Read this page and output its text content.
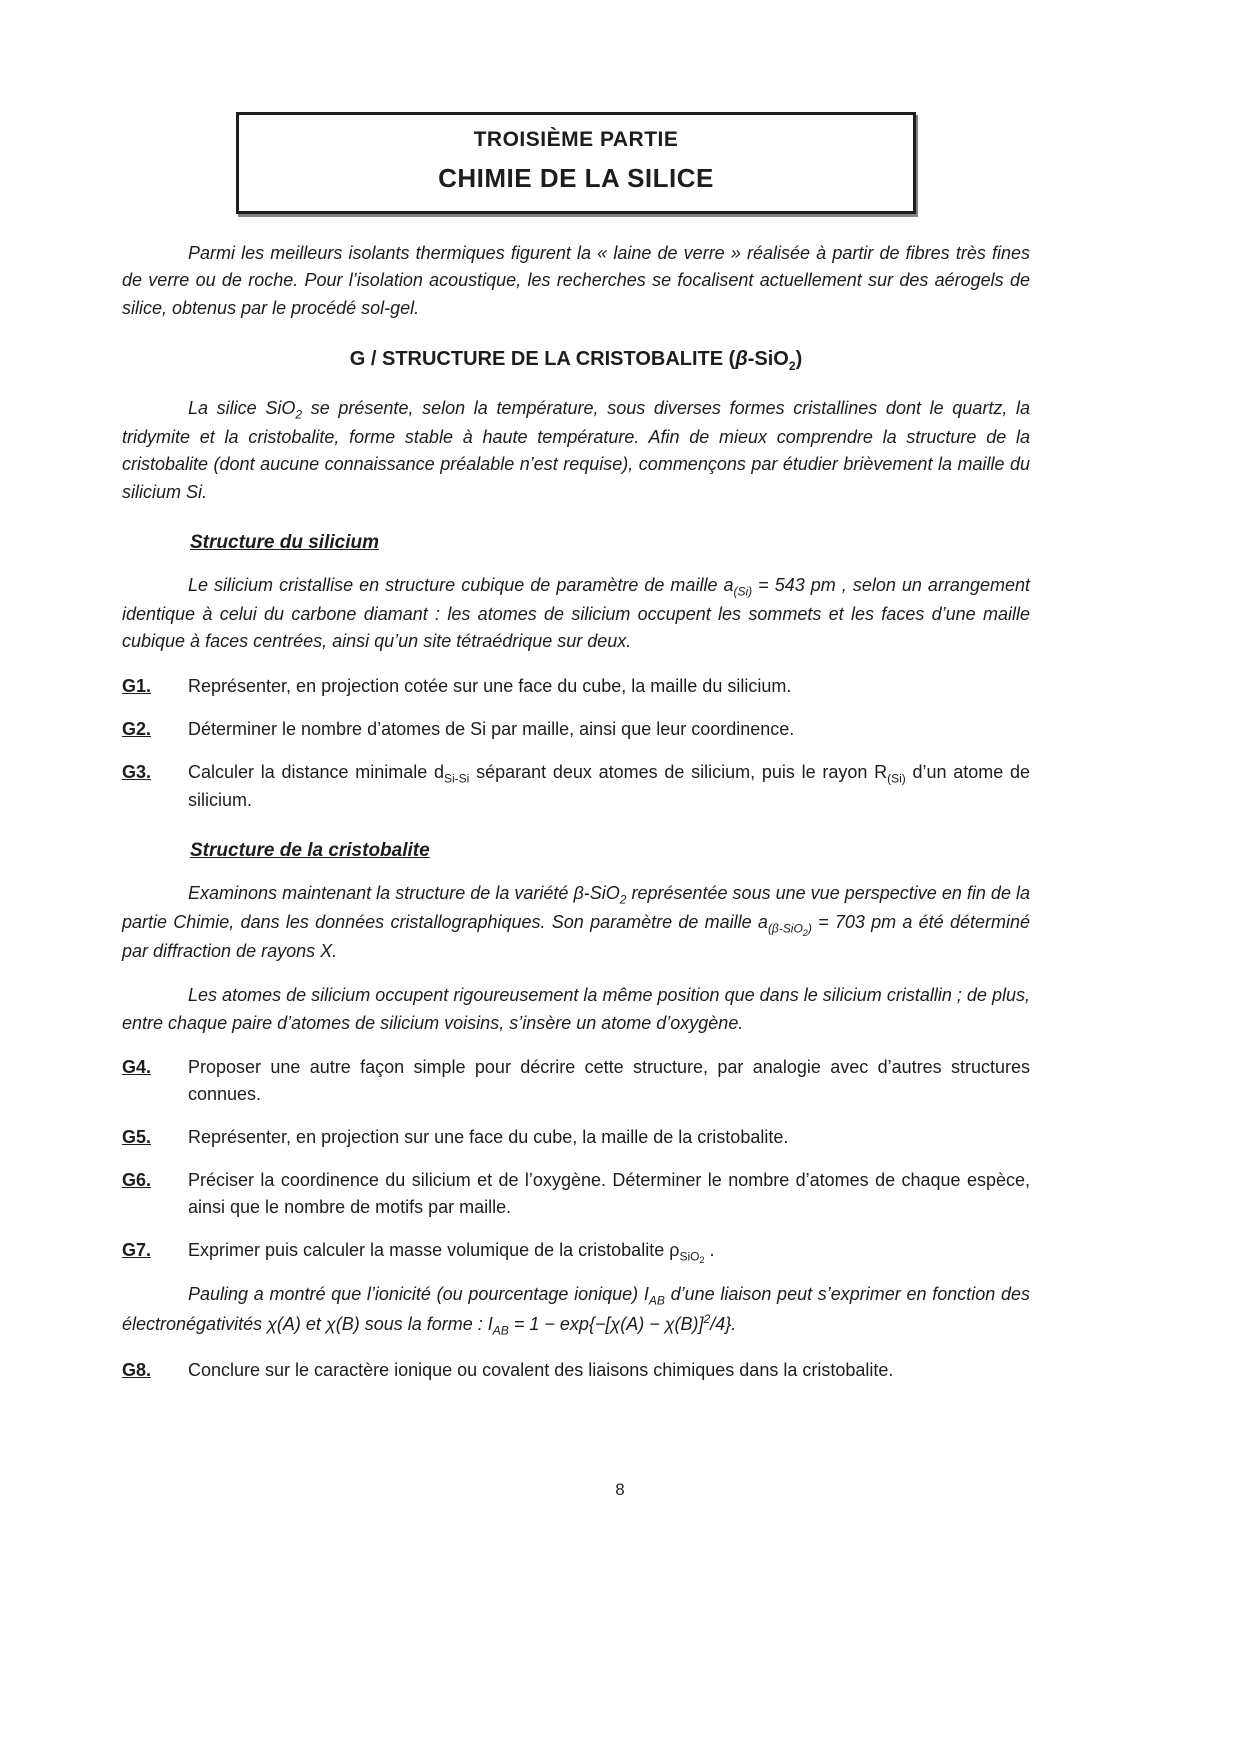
TROISIÈME PARTIE
CHIMIE DE LA SILICE

Parmi les meilleurs isolants thermiques figurent la « laine de verre » réalisée à partir de fibres très fines de verre ou de roche. Pour l’isolation acoustique, les recherches se focalisent actuellement sur des aérogels de silice, obtenus par le procédé sol-gel.

G / STRUCTURE DE LA CRISTOBALITE (β-SiO$_2$)

La silice SiO$_2$ se présente, selon la température, sous diverses formes cristallines dont le quartz, la tridymite et la cristobalite, forme stable à haute température. Afin de mieux comprendre la structure de la cristobalite (dont aucune connaissance préalable n’est requise), commençons par étudier brièvement la maille du silicium Si.

Structure du silicium

Le silicium cristallise en structure cubique de paramètre de maille $a_{(Si)} = 543$ pm , selon un arrangement identique à celui du carbone diamant : les atomes de silicium occupent les sommets et les faces d’une maille cubique à faces centrées, ainsi qu’un site tétraédrique sur deux.

G1.	Représenter, en projection cotée sur une face du cube, la maille du silicium.
G2.	Déterminer le nombre d’atomes de Si par maille, ainsi que leur coordinence.
G3.	Calculer la distance minimale $d_{Si-Si}$ séparant deux atomes de silicium, puis le rayon $R_{(Si)}$ d’un atome de silicium.
Structure de la cristobalite

Examinons maintenant la structure de la variété β-SiO$_2$ représentée sous une vue perspective en fin de la partie Chimie, dans les données cristallographiques. Son paramètre de maille $a_{(\beta-SiO2)} = 703$ pm a été déterminé par diffraction de rayons X.

Les atomes de silicium occupent rigoureusement la même position que dans le silicium cristallin ; de plus, entre chaque paire d’atomes de silicium voisins, s’insère un atome d’oxygène.

G4.	Proposer une autre façon simple pour décrire cette structure, par analogie avec d’autres structures connues.
G5.	Représenter, en projection sur une face du cube, la maille de la cristobalite.
G6.	Préciser la coordinence du silicium et de l’oxygène. Déterminer le nombre d’atomes de chaque espèce, ainsi que le nombre de motifs par maille.
G7.	Exprimer puis calculer la masse volumique de la cristobalite $\rho_{SiO2}$ .

Pauling a montré que l’ionicité (ou pourcentage ionique) $I_{AB}$ d’une liaison peut s’exprimer en fonction des électronégativités χ(A) et χ(B) sous la forme : $I_{AB} = 1 - \exp\{-[\chi(A) - \chi(B)]^2/4\}$.

G8.	Conclure sur le caractère ionique ou covalent des liaisons chimiques dans la cristobalite.
8
